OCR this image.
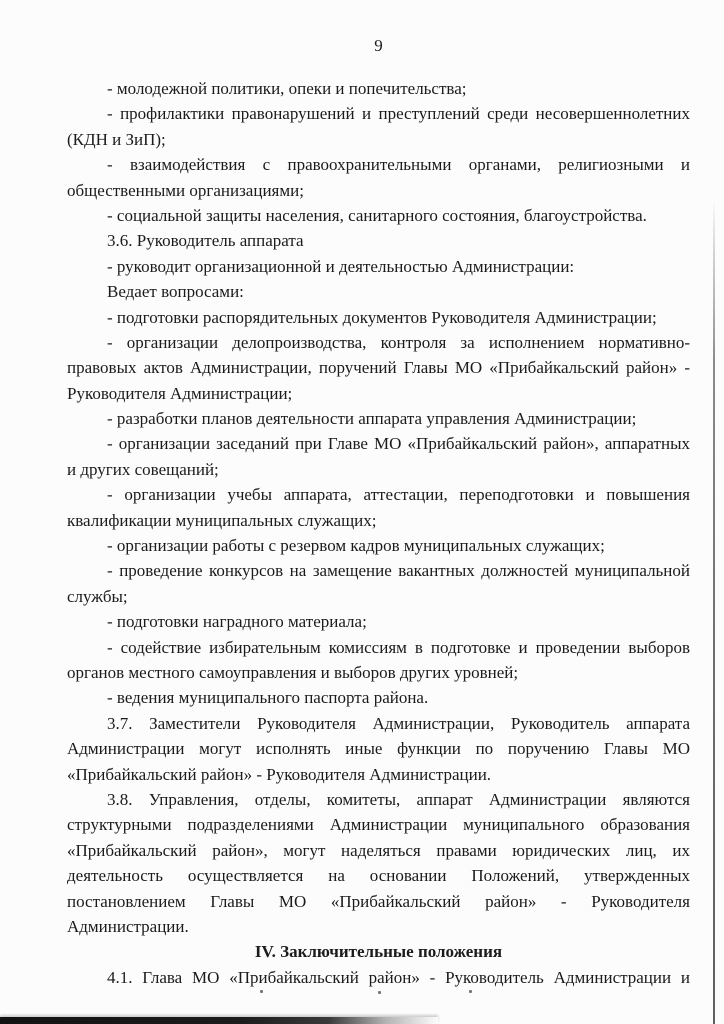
9
- молодежной политики, опеки и попечительства;
- профилактики правонарушений и преступлений среди несовершеннолетних
(КДН и ЗиП);
- взаимодействия с правоохранительными органами, религиозными и
общественными организациями;
- социальной защиты населения, санитарного состояния, благоустройства.
3.6. Руководитель аппарата
- руководит организационной и деятельностью Администрации:
Ведает вопросами:
- подготовки распорядительных документов Руководителя Администрации;
- организации делопроизводства, контроля за исполнением нормативно-
правовых актов Администрации, поручений Главы МО «Прибайкальский район» -
Руководителя Администрации;
- разработки планов деятельности аппарата управления Администрации;
- организации заседаний при Главе МО «Прибайкальский район», аппаратных
и других совещаний;
- организации учебы аппарата, аттестации, переподготовки и повышения
квалификации муниципальных служащих;
- организации работы с резервом кадров муниципальных служащих;
- проведение конкурсов на замещение вакантных должностей муниципальной
службы;
- подготовки наградного материала;
- содействие избирательным комиссиям в подготовке и проведении выборов
органов местного самоуправления и выборов других уровней;
- ведения муниципального паспорта района.
3.7. Заместители Руководителя Администрации, Руководитель аппарата
Администрации могут исполнять иные функции по поручению Главы МО
«Прибайкальский район» - Руководителя Администрации.
3.8. Управления, отделы, комитеты, аппарат Администрации являются
структурными подразделениями Администрации муниципального образования
«Прибайкальский район», могут наделяться правами юридических лиц, их
деятельность осуществляется на основании Положений, утвержденных
постановлением Главы МО «Прибайкальский район» - Руководителя
Администрации.
IV. Заключительные положения
4.1. Глава МО «Прибайкальский район» - Руководитель Администрации и
